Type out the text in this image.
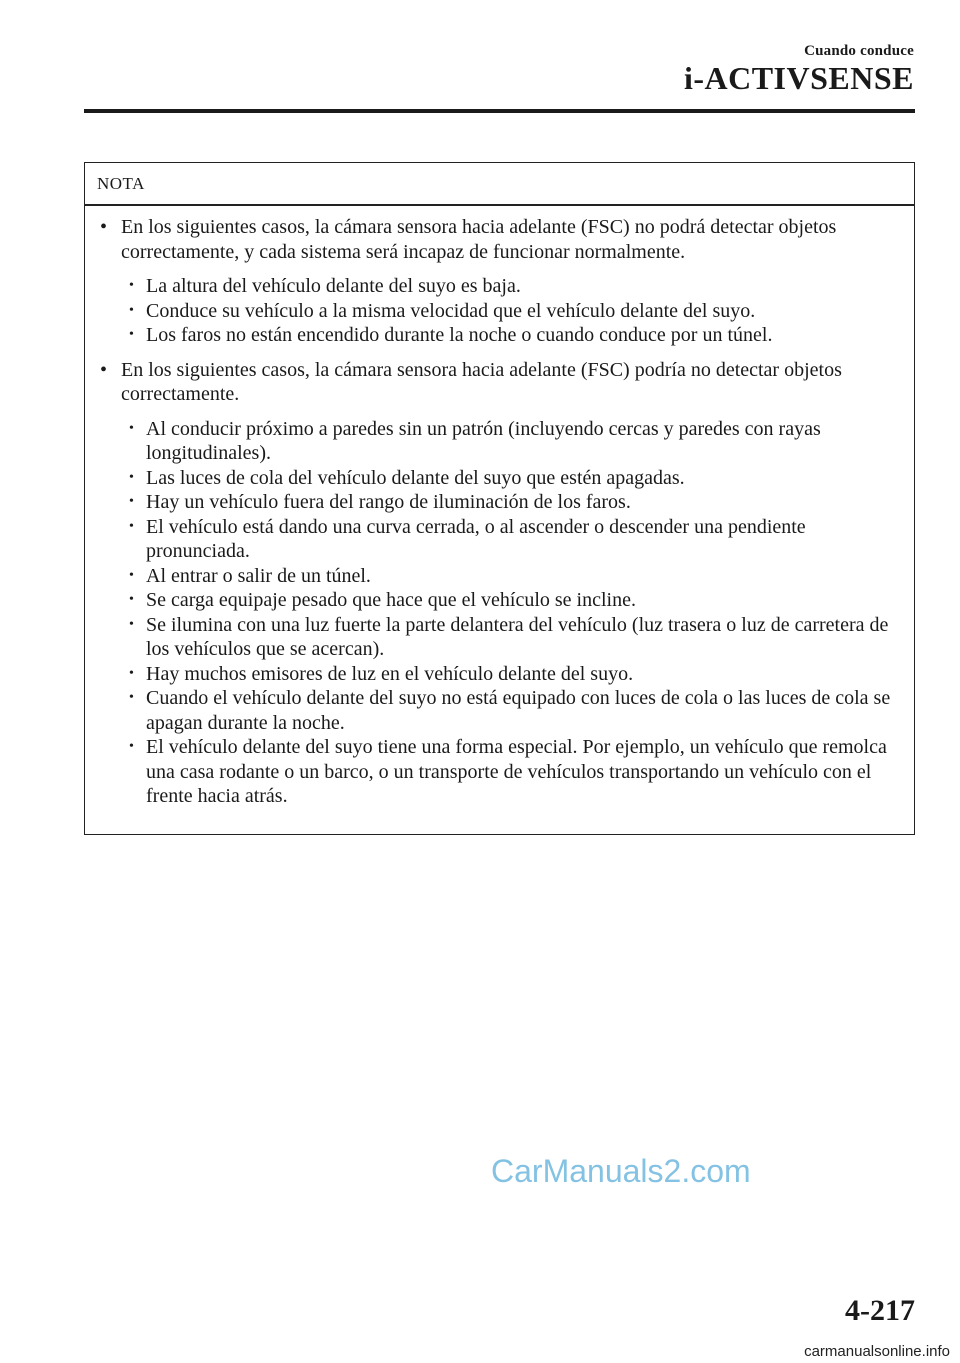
Cuando conduce
i-ACTIVSENSE
NOTA
• En los siguientes casos, la cámara sensora hacia adelante (FSC) no podrá detectar objetos correctamente, y cada sistema será incapaz de funcionar normalmente.
• La altura del vehículo delante del suyo es baja.
• Conduce su vehículo a la misma velocidad que el vehículo delante del suyo.
• Los faros no están encendido durante la noche o cuando conduce por un túnel.
• En los siguientes casos, la cámara sensora hacia adelante (FSC) podría no detectar objetos correctamente.
• Al conducir próximo a paredes sin un patrón (incluyendo cercas y paredes con rayas longitudinales).
• Las luces de cola del vehículo delante del suyo que estén apagadas.
• Hay un vehículo fuera del rango de iluminación de los faros.
• El vehículo está dando una curva cerrada, o al ascender o descender una pendiente pronunciada.
• Al entrar o salir de un túnel.
• Se carga equipaje pesado que hace que el vehículo se incline.
• Se ilumina con una luz fuerte la parte delantera del vehículo (luz trasera o luz de carretera de los vehículos que se acercan).
• Hay muchos emisores de luz en el vehículo delante del suyo.
• Cuando el vehículo delante del suyo no está equipado con luces de cola o las luces de cola se apagan durante la noche.
• El vehículo delante del suyo tiene una forma especial. Por ejemplo, un vehículo que remolca una casa rodante o un barco, o un transporte de vehículos transportando un vehículo con el frente hacia atrás.
CarManuals2.com
4-217
carmanualsonline.info
